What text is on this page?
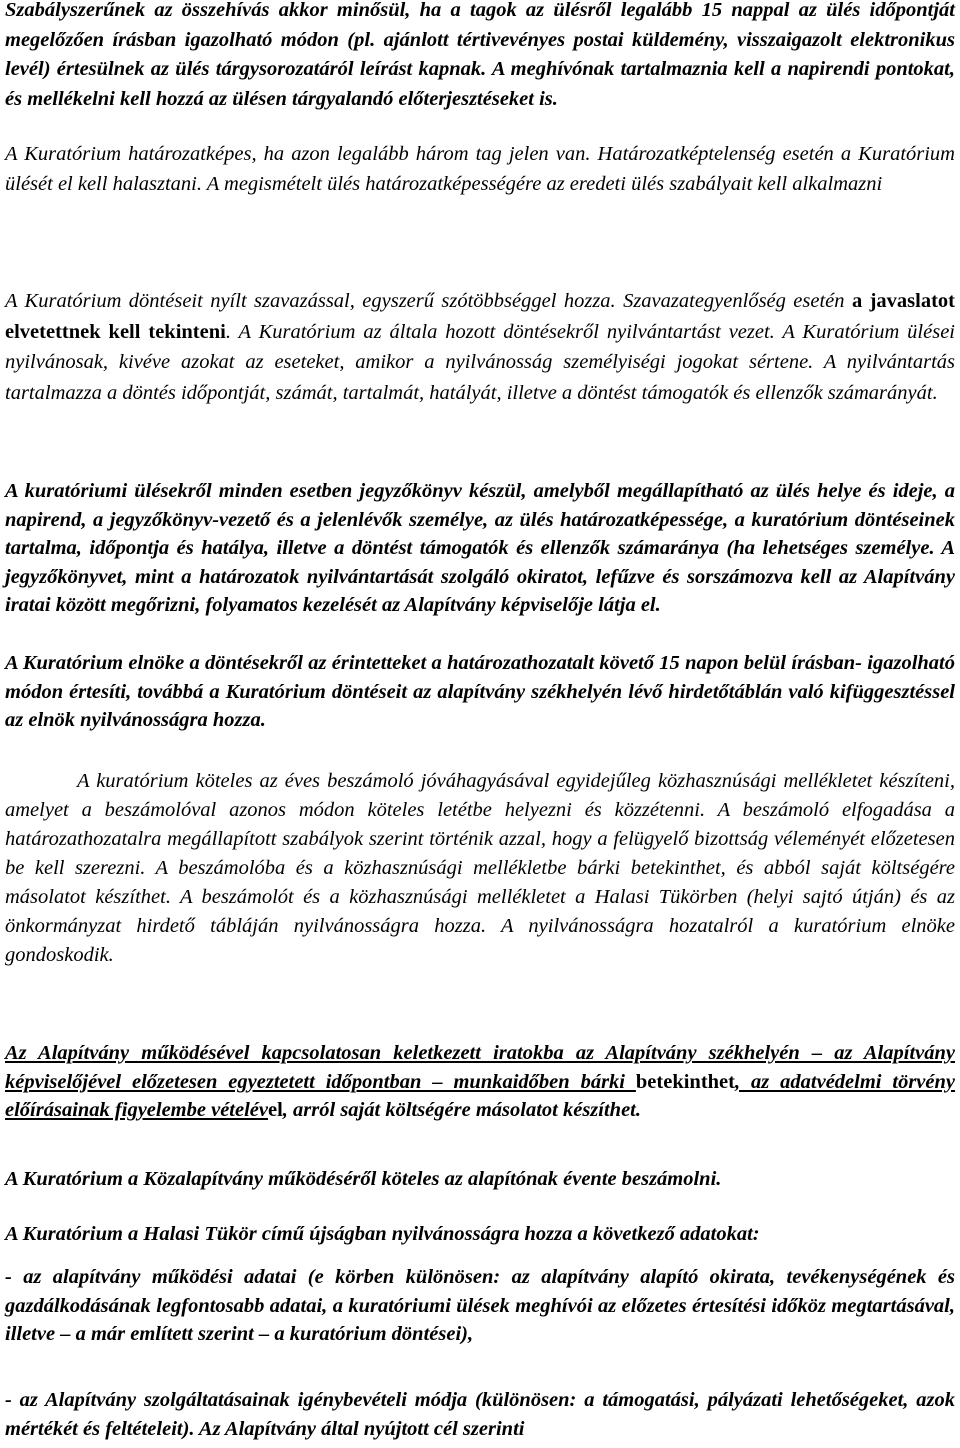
Szabályszerűnek az összehívás akkor minősül, ha a tagok az ülésről legalább 15 nappal az ülés időpontját megelőzően írásban igazolható módon (pl. ajánlott tértivevényes postai küldemény, visszaigazolt elektronikus levél) értesülnek az ülés tárgysorozatáról leírást kapnak. A meghívónak tartalmaznia kell a napirendi pontokat, és mellékelni kell hozzá az ülésen tárgyalandó előterjesztéseket is.

A Kuratórium határozatképes, ha azon legalább három tag jelen van. Határozatképtelenség esetén a Kuratórium ülését el kell halasztani. A megismételt ülés határozatképességére az eredeti ülés szabályait kell alkalmazni

A Kuratórium döntéseit nyílt szavazással, egyszerű szótöbbséggel hozza. Szavazategyenlőség esetén a javaslatot elvetettnek kell tekinteni. A Kuratórium az általa hozott döntésekről nyilvántartást vezet. A Kuratórium ülései nyilvánosak, kivéve azokat az eseteket, amikor a nyilvánosság személyiségi jogokat sértene. A nyilvántartás tartalmazza a döntés időpontját, számát, tartalmát, hatályát, illetve a döntést támogatók és ellenzők számarányát.

A kuratóriumi ülésekről minden esetben jegyzőkönyv készül, amelyből megállapítható az ülés helye és ideje, a napirend, a jegyzőkönyv-vezető és a jelenlévők személye, az ülés határozatképessége, a kuratórium döntéseinek tartalma, időpontja és hatálya, illetve a döntést támogatók és ellenzők számaránya (ha lehetséges személye. A jegyzőkönyvet, mint a határozatok nyilvántartását szolgáló okiratot, lefűzve és sorszámozva kell az Alapítvány iratai között megőrizni, folyamatos kezelését az Alapítvány képviselője látja el.

A Kuratórium elnöke a döntésekről az érintetteket a határozathozatalt követő 15 napon belül írásban- igazolható módon értesíti, továbbá a Kuratórium döntéseit az alapítvány székhelyén lévő hirdetőtáblán való kifüggesztéssel az elnök nyilvánosságra hozza.

A kuratórium köteles az éves beszámoló jóváhagyásával egyidejűleg közhasznúsági mellékletet készíteni, amelyet a beszámolóval azonos módon köteles letétbe helyezni és közzétenni. A beszámoló elfogadása a határozathozatalra megállapított szabályok szerint történik azzal, hogy a felügyelő bizottság véleményét előzetesen be kell szerezni. A beszámolóba és a közhasznúsági mellékletbe bárki betekinthet, és abból saját költségére másolatot készíthet. A beszámolót és a közhasznúsági mellékletet a Halasi Tükörben (helyi sajtó útján) és az önkormányzat hirdető tábláján nyilvánosságra hozza. A nyilvánosságra hozatalról a kuratórium elnöke gondoskodik.

Az Alapítvány működésével kapcsolatosan keletkezett iratokba az Alapítvány székhelyén – az Alapítvány képviselőjével előzetesen egyeztetett időpontban – munkaidőben bárki betekinthet, az adatvédelmi törvény előírásainak figyelembe vételével, arról saját költségére másolatot készíthet.

A Kuratórium a Közalapítvány működéséről köteles az alapítónak évente beszámolni.

A Kuratórium a Halasi Tükör című újságban nyilvánosságra hozza a következő adatokat:

- az alapítvány működési adatai (e körben különösen: az alapítvány alapító okirata, tevékenységének és gazdálkodásának legfontosabb adatai, a kuratóriumi ülések meghívói az előzetes értesítési időköz megtartásával, illetve – a már említett szerint – a kuratórium döntései),

- az Alapítvány szolgáltatásainak igénybevételi módja (különösen: a támogatási, pályázati lehetőségeket, azok mértékét és feltételeit). Az Alapítvány által nyújtott cél szerinti
